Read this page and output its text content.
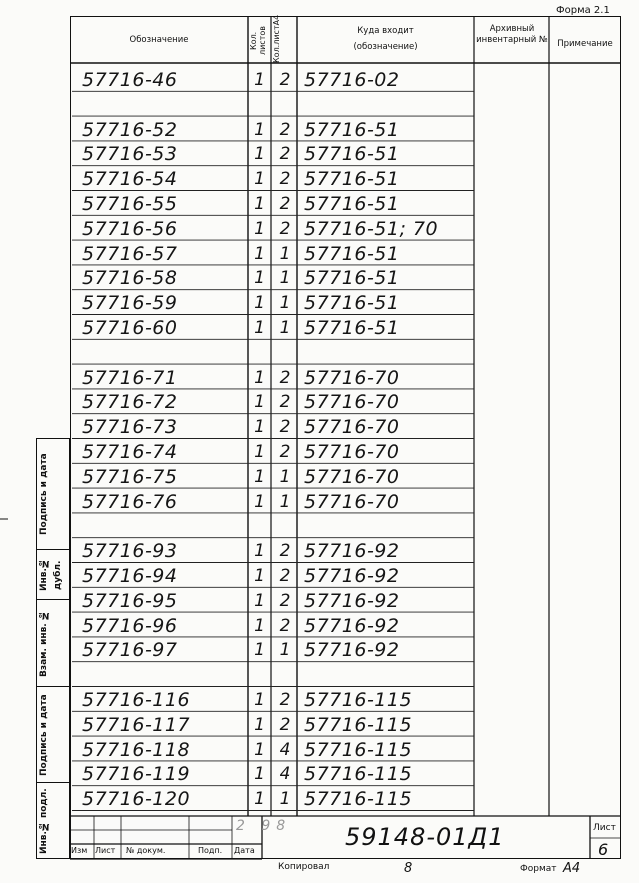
Форма 2.1
Обозначение	Кол. листов Кол.листА4	Куда входит
(обозначение)
Архивный инвентарный №	Примечание
57716-46	1 2 57716-02
57716-52	1 2 57716-51
57716-53	1 2 57716-51
57716-54	1 2 57716-51
57716-55	1 2 57716-51
57716-56	1 2 57716-51; 70
57716-57	1 1 57716-51
57716-58	1 1 57716-51
57716-59	1 1 57716-51
57716-60	1 1 57716-51
57716-71	1 2 57716-70
57716-72	1 2 57716-70
57716-73	1 2 57716-70
57716-74	1 2 57716-70
57716-75	1 1 57716-70
57716-76	1 1 57716-70
57716-93	1 2 57716-92
57716-94	1 2 57716-92
57716-95	1 2 57716-92
57716-96	1 2 57716-92
57716-97	1 1 57716-92
57716-116	1 2 57716-115
57716-117	1 2 57716-115
57716-118	1 4 57716-115
57716-119	1 4 57716-115
57716-120	1 1 57716-115
Подпись и дата
Инв.№ дубл.
Взам. инв. №
Подпись и дата
Инв.№ подл.	Изм Лист № докум.	Подп. Дата
2 98 59148-01Д1	Лист
6
Копировал	8	Формат А4
